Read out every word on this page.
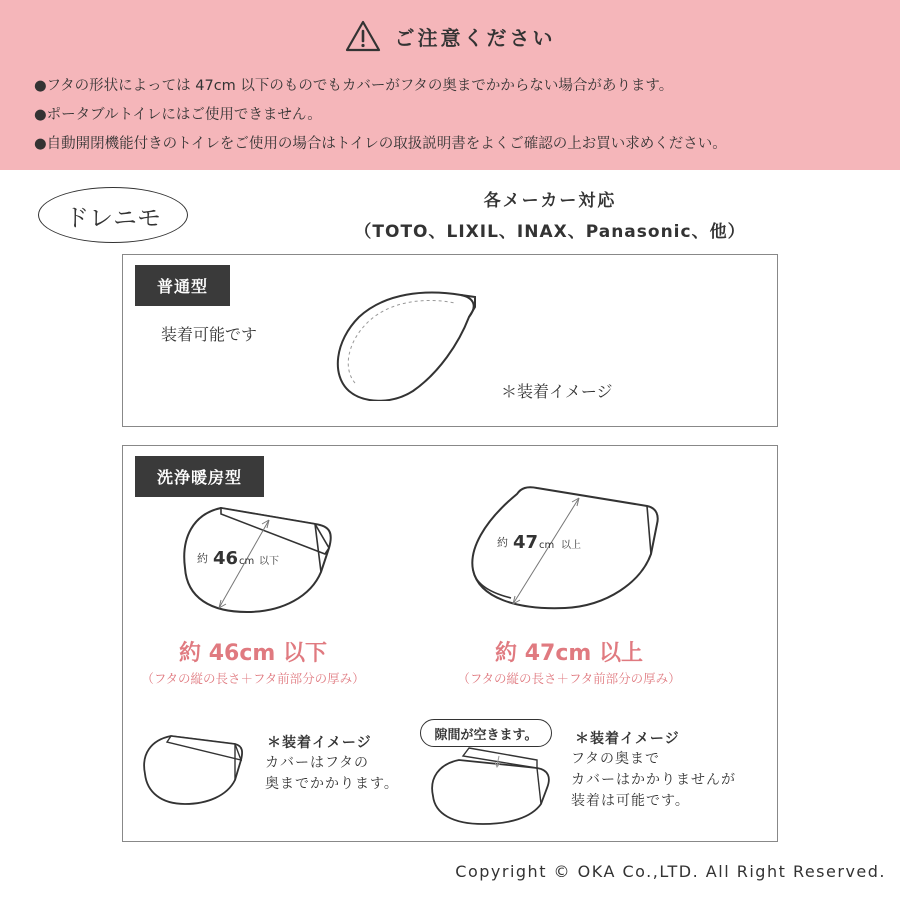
ご注意ください
●フタの形状によっては 47cm 以下のものでもカバーがフタの奥までかからない場合があります。
●ポータブルトイレにはご使用できません。
●自動開閉機能付きのトイレをご使用の場合はトイレの取扱説明書をよくご確認の上お買い求めください。
ドレニモ
各メーカー対応
（TOTO、LIXIL、INAX、Panasonic、他）
普通型
装着可能です
＊装着イメージ
洗浄暖房型
約 46 cm 以下
約 47 cm 以上
約 46cm 以下
（フタの縦の長さ＋フタ前部分の厚み）
約 47cm 以上
（フタの縦の長さ＋フタ前部分の厚み）
＊装着イメージ
カバーはフタの
奥までかかります。
隙間が空きます。	＊装着イメージ
フタの奥まで
カバーはかかりませんが
装着は可能です。
Copyright © OKA Co.,LTD. All Right Reserved.
